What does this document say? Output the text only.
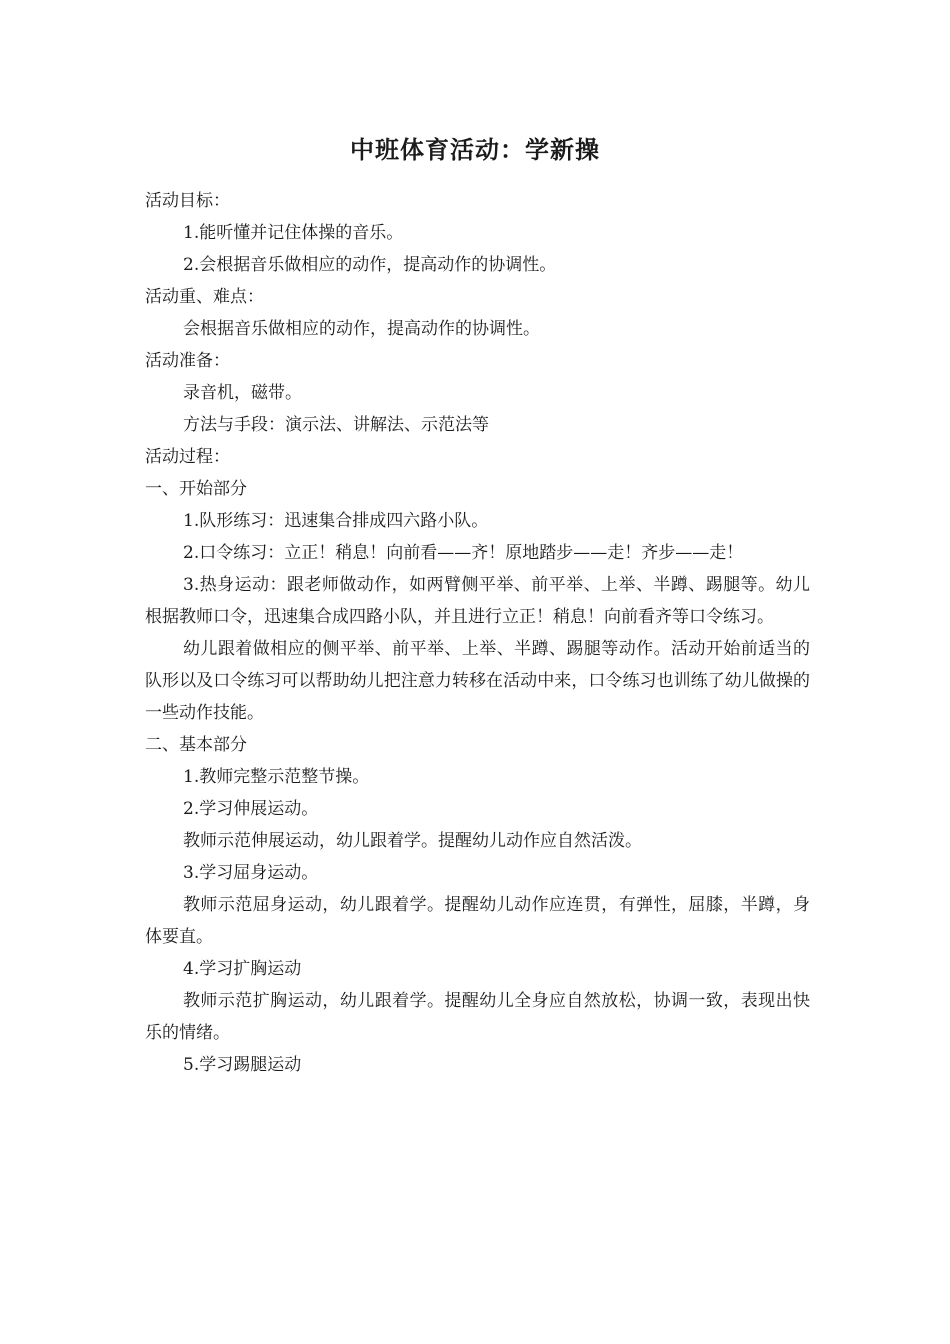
中班体育活动：学新操

活动目标：

1.能听懂并记住体操的音乐。

2.会根据音乐做相应的动作，提高动作的协调性。

活动重、难点：

会根据音乐做相应的动作，提高动作的协调性。

活动准备：

录音机，磁带。

方法与手段：演示法、讲解法、示范法等

活动过程：

一、开始部分

1.队形练习：迅速集合排成四六路小队。

2.口令练习：立正！稍息！向前看——齐！原地踏步——走！齐步——走！

3.热身运动：跟老师做动作，如两臂侧平举、前平举、上举、半蹲、踢腿等。幼儿根据教师口令，迅速集合成四路小队，并且进行立正！稍息！向前看齐等口令练习。

幼儿跟着做相应的侧平举、前平举、上举、半蹲、踢腿等动作。活动开始前适当的队形以及口令练习可以帮助幼儿把注意力转移在活动中来，口令练习也训练了幼儿做操的一些动作技能。

二、基本部分

1.教师完整示范整节操。

2.学习伸展运动。

教师示范伸展运动，幼儿跟着学。提醒幼儿动作应自然活泼。

3.学习屈身运动。

教师示范屈身运动，幼儿跟着学。提醒幼儿动作应连贯，有弹性，屈膝，半蹲，身体要直。

4.学习扩胸运动

教师示范扩胸运动，幼儿跟着学。提醒幼儿全身应自然放松，协调一致，表现出快乐的情绪。

5.学习踢腿运动
